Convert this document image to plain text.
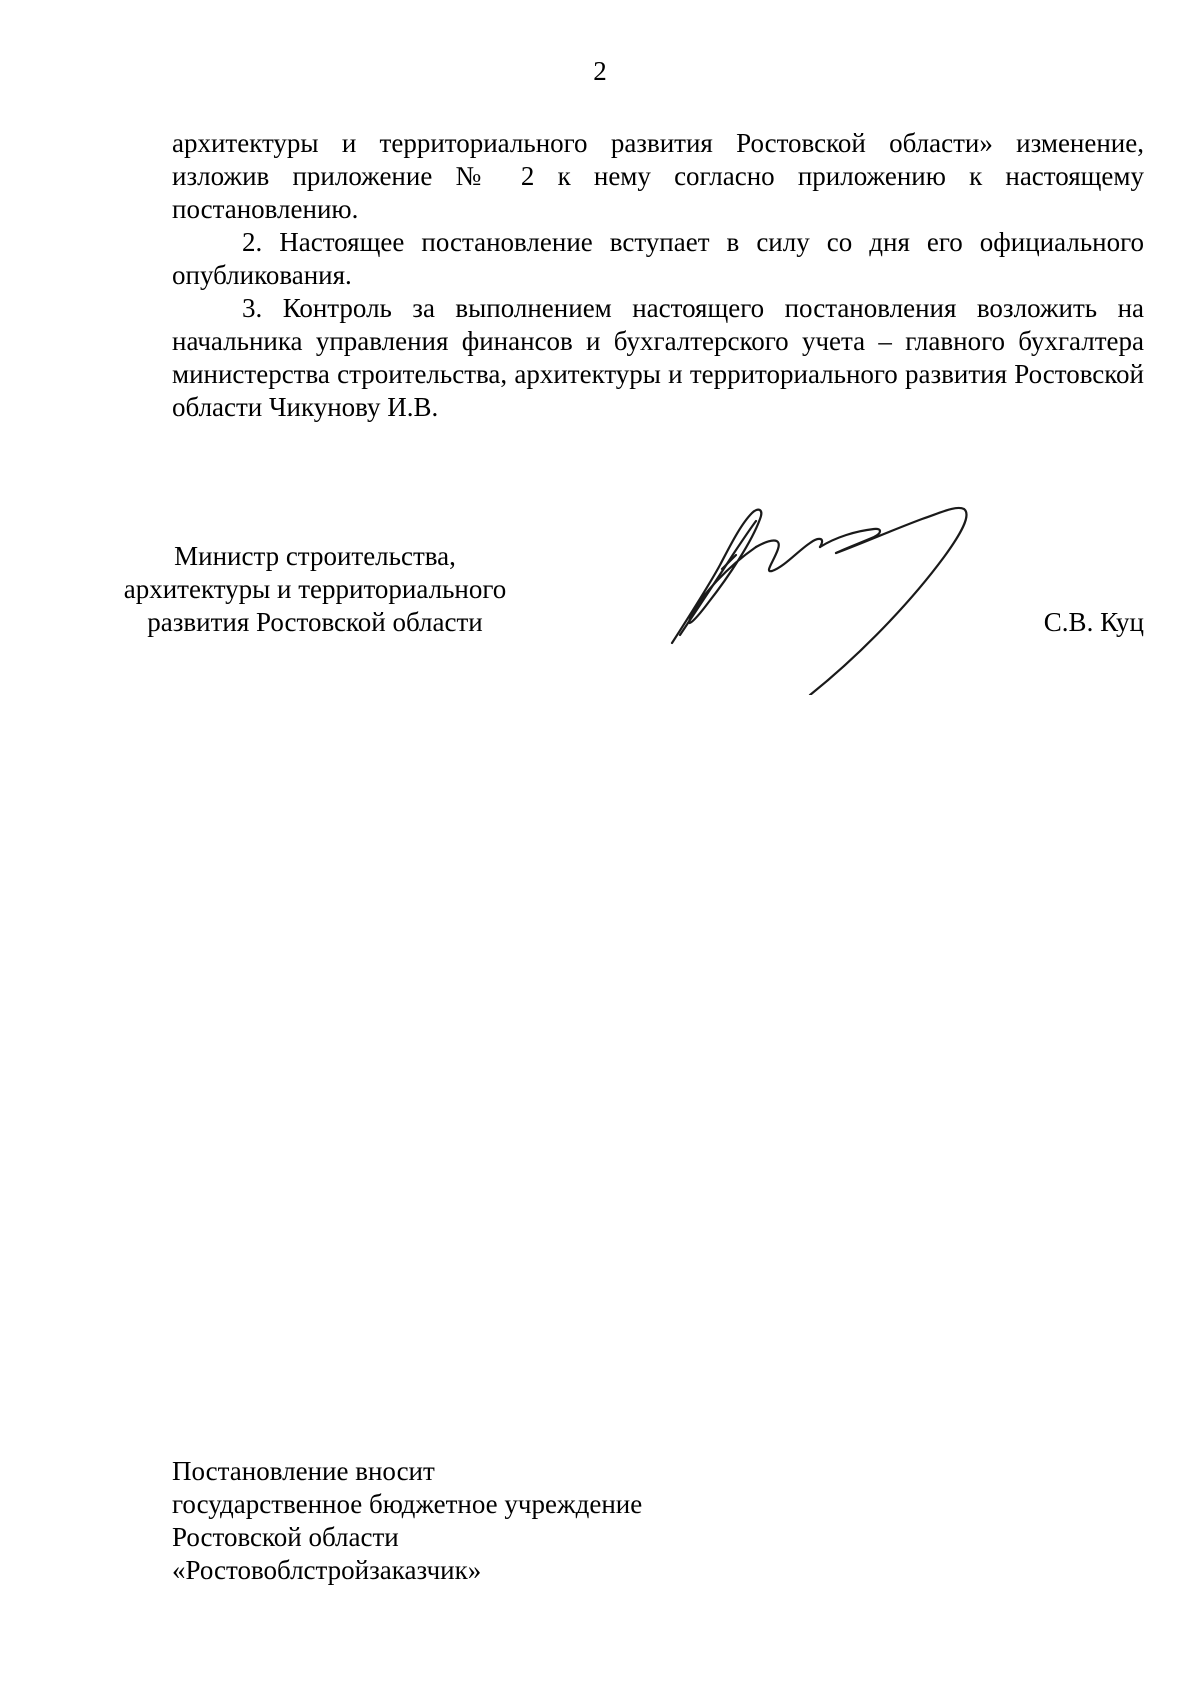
2

архитектуры и территориального развития Ростовской области» изменение, изложив приложение № 2 к нему согласно приложению к настоящему постановлению.

2. Настоящее постановление вступает в силу со дня его официального опубликования.

3. Контроль за выполнением настоящего постановления возложить на начальника управления финансов и бухгалтерского учета – главного бухгалтера министерства строительства, архитектуры и территориального развития Ростовской области Чикунову И.В.

Министр строительства,
архитектуры и территориального
развития Ростовской области	С.В. Куц
Постановление вносит
государственное бюджетное учреждение
Ростовской области
«Ростовоблстройзаказчик»
